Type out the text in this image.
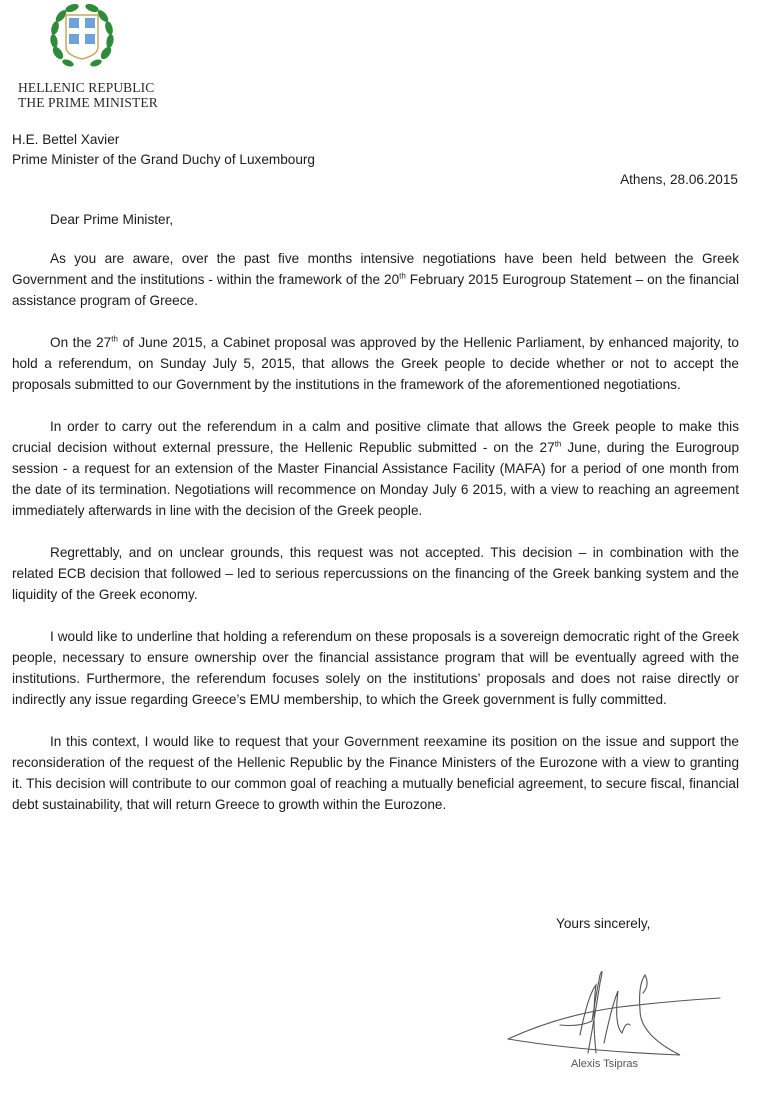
HELLENIC REPUBLIC
THE PRIME MINISTER
H.E. Bettel Xavier
Prime Minister of the Grand Duchy of Luxembourg
Athens, 28.06.2015
Dear Prime Minister,

As you are aware, over the past five months intensive negotiations have been held between the Greek Government and the institutions - within the framework of the 20th February 2015 Eurogroup Statement – on the financial assistance program of Greece.

On the 27th of June 2015, a Cabinet proposal was approved by the Hellenic Parliament, by enhanced majority, to hold a referendum, on Sunday July 5, 2015, that allows the Greek people to decide whether or not to accept the proposals submitted to our Government by the institutions in the framework of the aforementioned negotiations.

In order to carry out the referendum in a calm and positive climate that allows the Greek people to make this crucial decision without external pressure, the Hellenic Republic submitted - on the 27th June, during the Eurogroup session - a request for an extension of the Master Financial Assistance Facility (MAFA) for a period of one month from the date of its termination. Negotiations will recommence on Monday July 6 2015, with a view to reaching an agreement immediately afterwards in line with the decision of the Greek people.

Regrettably, and on unclear grounds, this request was not accepted. This decision – in combination with the related ECB decision that followed – led to serious repercussions on the financing of the Greek banking system and the liquidity of the Greek economy.

I would like to underline that holding a referendum on these proposals is a sovereign democratic right of the Greek people, necessary to ensure ownership over the financial assistance program that will be eventually agreed with the institutions. Furthermore, the referendum focuses solely on the institutions’ proposals and does not raise directly or indirectly any issue regarding Greece’s EMU membership, to which the Greek government is fully committed.

In this context, I would like to request that your Government reexamine its position on the issue and support the reconsideration of the request of the Hellenic Republic by the Finance Ministers of the Eurozone with a view to granting it. This decision will contribute to our common goal of reaching a mutually beneficial agreement, to secure fiscal, financial debt sustainability, that will return Greece to growth within the Eurozone.

Yours sincerely,
Alexis Tsipras
